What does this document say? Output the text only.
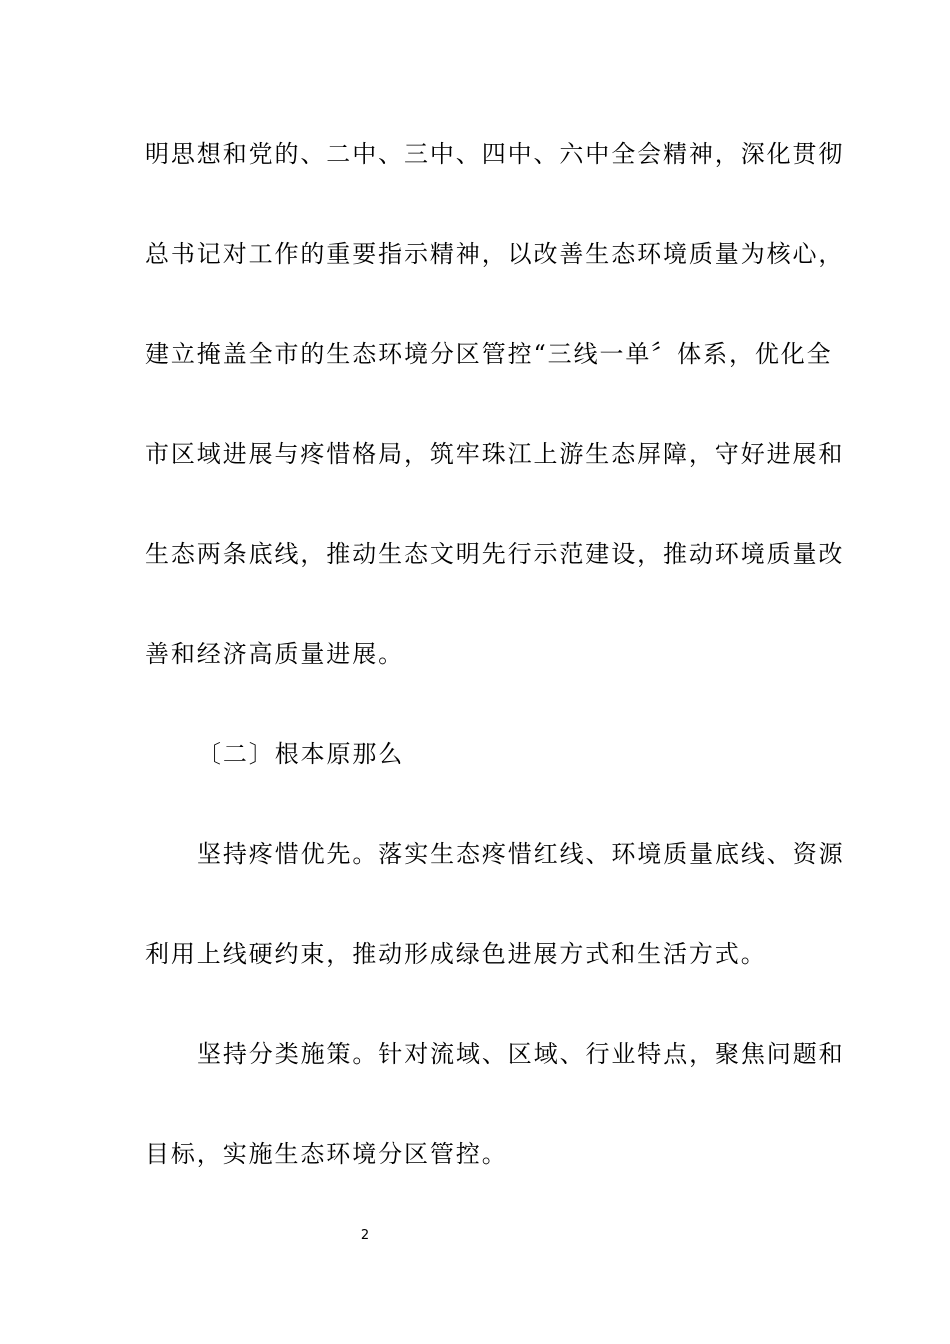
明思想和党的、二中、三中、四中、六中全会精神，深化贯彻
总书记对工作的重要指示精神，以改善生态环境质量为核心，
建立掩盖全市的生态环境分区管控“三线一单〞体系，优化全
市区域进展与疼惜格局，筑牢珠江上游生态屏障，守好进展和
生态两条底线，推动生态文明先行示范建设，推动环境质量改
善和经济高质量进展。
〔二〕根本原那么
坚持疼惜优先。落实生态疼惜红线、环境质量底线、资源
利用上线硬约束，推动形成绿色进展方式和生活方式。
坚持分类施策。针对流域、区域、行业特点，聚焦问题和
目标，实施生态环境分区管控。
2
